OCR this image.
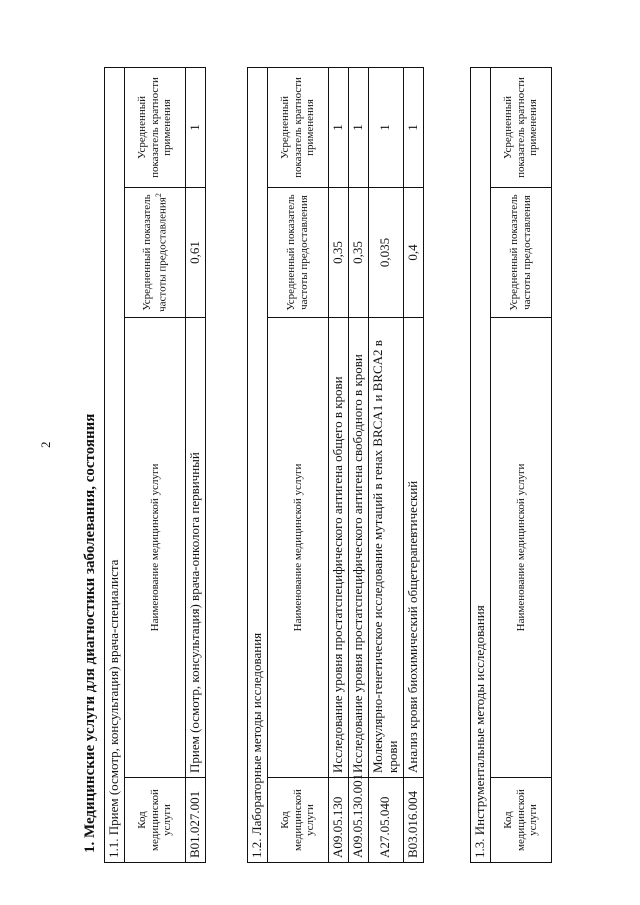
2 1. Медицинские услуги для диагностики заболевания, состояния 1.1. Прием (осмотр, консультация) врача-специалиста			
Код медицинской услуги	Наименование медицинской услуги	Усредненный показатель частоты предоставления$^2$	Усредненный показатель кратности применения
B01.027.001	Прием (осмотр, консультация) врача-онколога первичный	0,61	1
1.2. Лабораторные методы исследования			
Код медицинской услуги	Наименование медицинской услуги	Усредненный показатель частоты предоставления	Усредненный показатель кратности применения
A09.05.130	Исследование уровня простатспецифического антигена общего в крови	0,35	1
A09.05.130.001	Исследование уровня простатспецифического антигена свободного в крови	0,35	1
A27.05.040	Молекулярно-генетическое исследование мутаций в генах BRCA1 и BRCA2 в крови	0,035	1
B03.016.004	Анализ крови биохимический общетерапевтический	0,4	1
1.3. Инструментальные методы исследования
Код медицинской услуги	Наименование медицинской услуги	Усредненный показатель частоты предоставления	Усредненный показатель кратности применения
